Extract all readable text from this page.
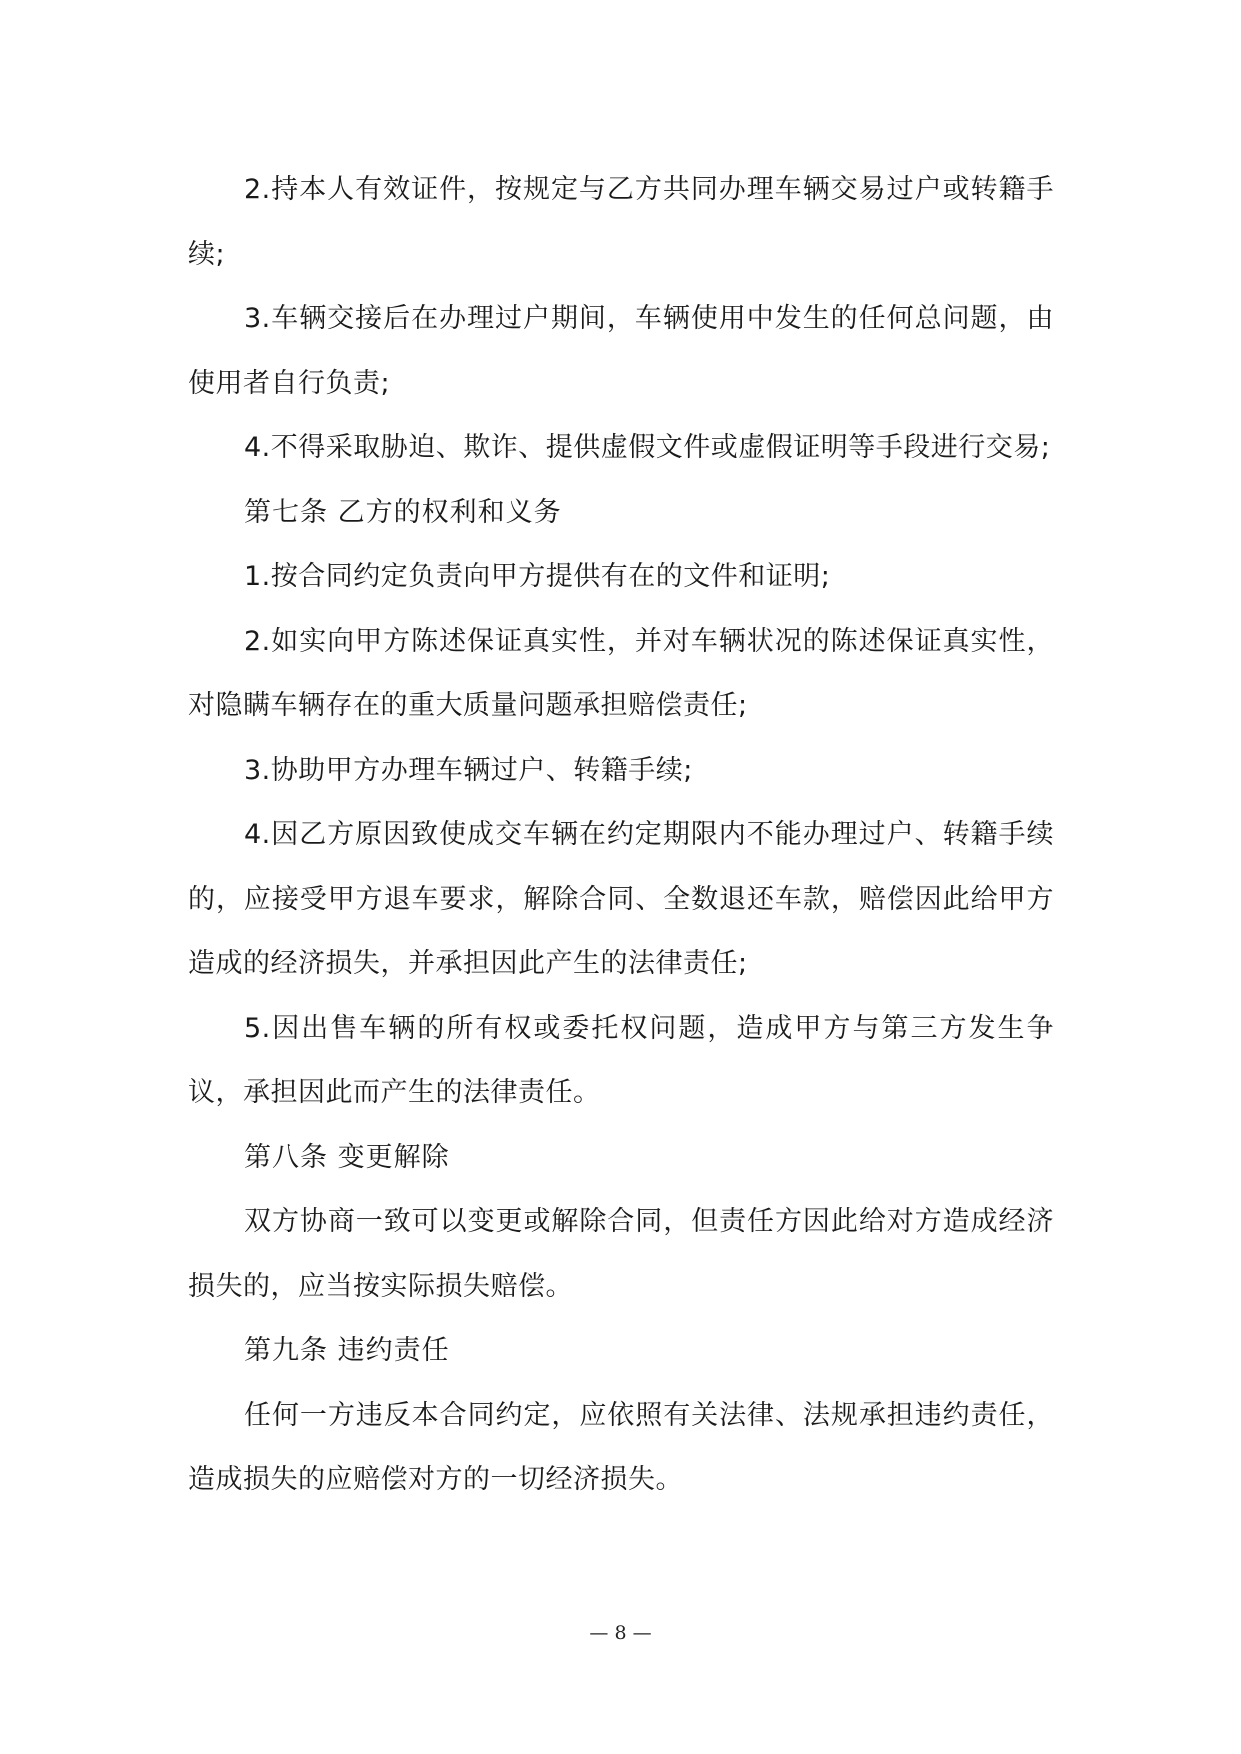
2.持本人有效证件，按规定与乙方共同办理车辆交易过户或转籍手续;

3.车辆交接后在办理过户期间，车辆使用中发生的任何总问题，由使用者自行负责;

4.不得采取胁迫、欺诈、提供虚假文件或虚假证明等手段进行交易;

第七条 乙方的权利和义务

1.按合同约定负责向甲方提供有在的文件和证明;

2.如实向甲方陈述保证真实性，并对车辆状况的陈述保证真实性，对隐瞒车辆存在的重大质量问题承担赔偿责任;

3.协助甲方办理车辆过户、转籍手续;

4.因乙方原因致使成交车辆在约定期限内不能办理过户、转籍手续的，应接受甲方退车要求，解除合同、全数退还车款，赔偿因此给甲方造成的经济损失，并承担因此产生的法律责任;

5.因出售车辆的所有权或委托权问题，造成甲方与第三方发生争议，承担因此而产生的法律责任。

第八条 变更解除

双方协商一致可以变更或解除合同，但责任方因此给对方造成经济损失的，应当按实际损失赔偿。

第九条 违约责任

任何一方违反本合同约定，应依照有关法律、法规承担违约责任，造成损失的应赔偿对方的一切经济损失。

— 8 —
